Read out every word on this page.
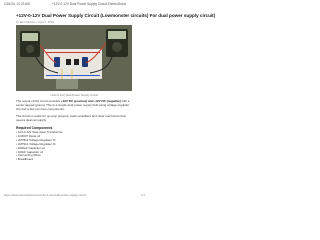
1/18/24, 10:23 AM	+12V-0-12V Dual Power Supply Circuit-ElectroDuino
+12V-0-12V Dual Power Supply Circuit (Lowmonster circuits) For dual power supply circuit)
by ElectroDuino • April 2, 2023
+12V-0-12V Dual Power Supply Circuit
The output of this circuit provides +12V DC (positive) and -12V DC (negative) with a center tapped ground. This is a simple dual power supply built using voltage regulator ICs and a few common components.
The circuit is useful for op-amp projects, audio amplifiers and other electronics that need a dual rail supply.
Required Components
• 12V-0-12V Step-down Transformer
• 1N4007 Diode x4
• LM7812 Voltage Regulator IC
• LM7912 Voltage Regulator IC
• 2200µF Capacitor x2
• 100nF Capacitor x2
• Connecting Wires
• Breadboard
https://www.electroduino.com/12v-0-12v-dual-power-supply-circuit/	1/7
